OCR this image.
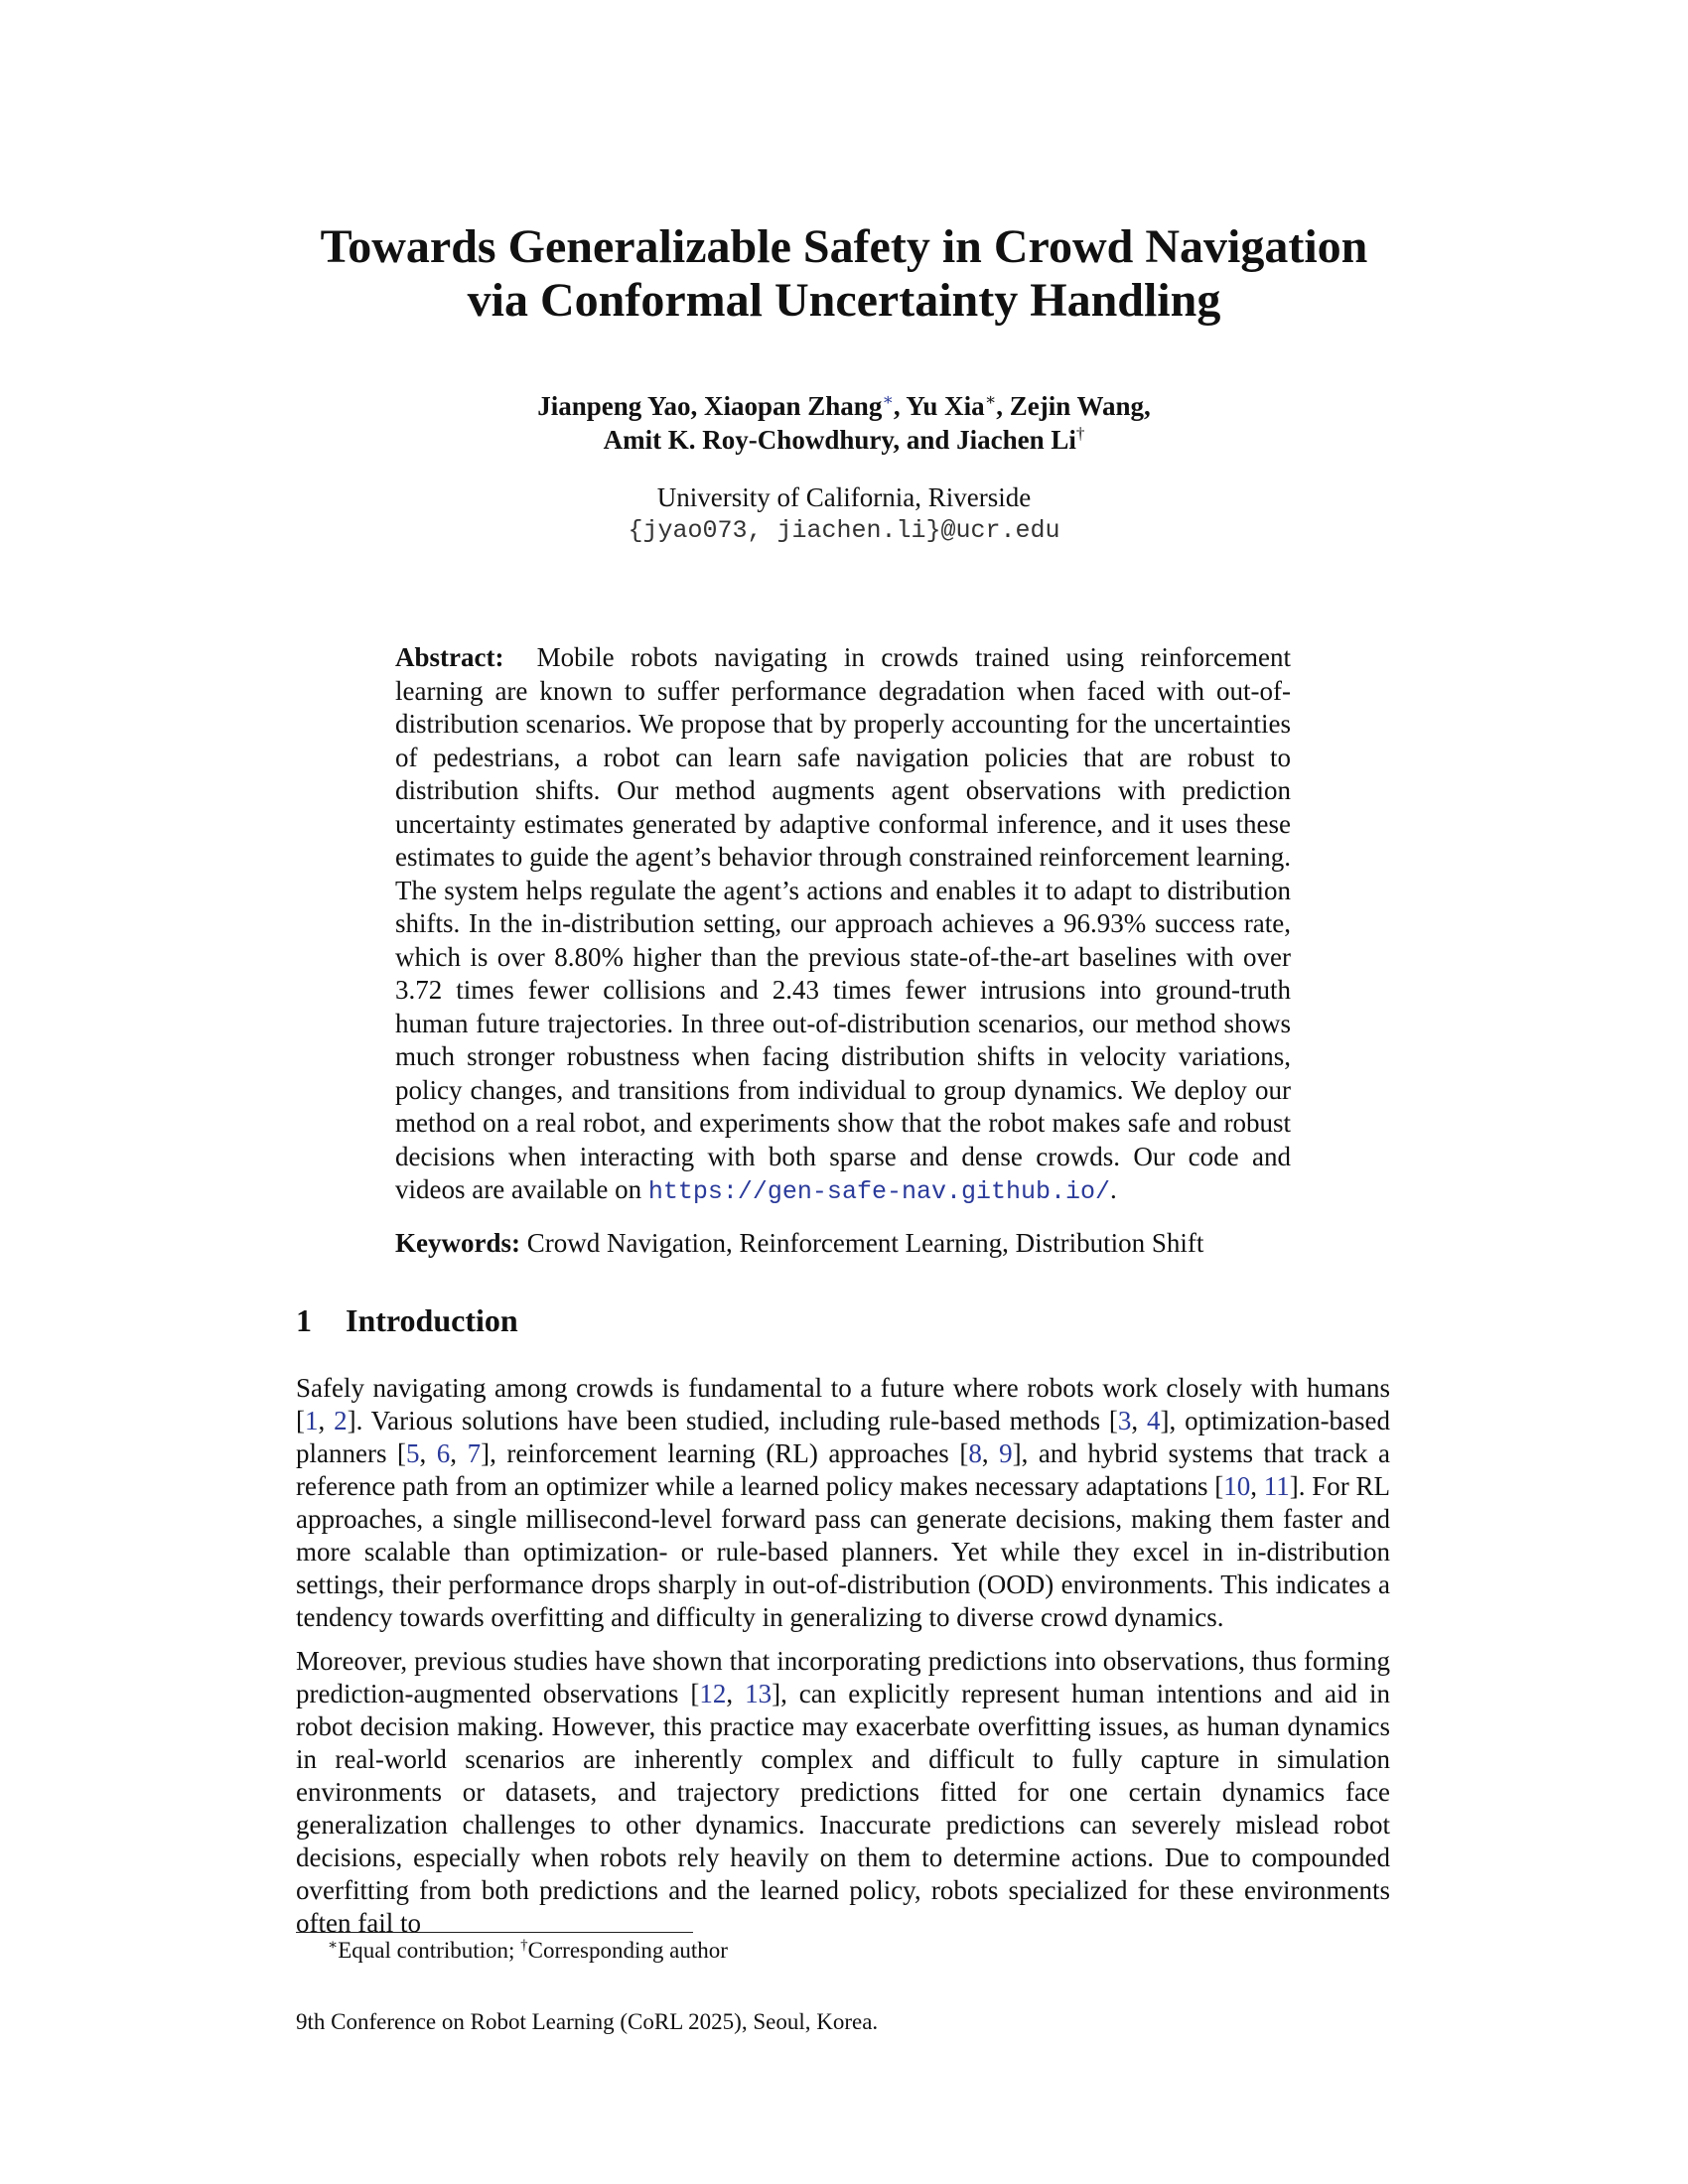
Towards Generalizable Safety in Crowd Navigation
via Conformal Uncertainty Handling
Jianpeng Yao, Xiaopan Zhang∗, Yu Xia∗, Zejin Wang,
Amit K. Roy-Chowdhury, and Jiachen Li†
University of California, Riverside
{jyao073, jiachen.li}@ucr.edu
Abstract: Mobile robots navigating in crowds trained using reinforcement learning are known to suffer performance degradation when faced with out-of-distribution scenarios. We propose that by properly accounting for the uncertainties of pedestrians, a robot can learn safe navigation policies that are robust to distribution shifts. Our method augments agent observations with prediction uncertainty estimates generated by adaptive conformal inference, and it uses these estimates to guide the agent’s behavior through constrained reinforcement learning. The system helps regulate the agent’s actions and enables it to adapt to distribution shifts. In the in-distribution setting, our approach achieves a 96.93% success rate, which is over 8.80% higher than the previous state-of-the-art baselines with over 3.72 times fewer collisions and 2.43 times fewer intrusions into ground-truth human future trajectories. In three out-of-distribution scenarios, our method shows much stronger robustness when facing distribution shifts in velocity variations, policy changes, and transitions from individual to group dynamics. We deploy our method on a real robot, and experiments show that the robot makes safe and robust decisions when interacting with both sparse and dense crowds. Our code and videos are available on https://gen-safe-nav.github.io/.
Keywords: Crowd Navigation, Reinforcement Learning, Distribution Shift
1 Introduction

Safely navigating among crowds is fundamental to a future where robots work closely with humans [1, 2]. Various solutions have been studied, including rule-based methods [3, 4], optimization-based planners [5, 6, 7], reinforcement learning (RL) approaches [8, 9], and hybrid systems that track a reference path from an optimizer while a learned policy makes necessary adaptations [10, 11]. For RL approaches, a single millisecond-level forward pass can generate decisions, making them faster and more scalable than optimization- or rule-based planners. Yet while they excel in in-distribution settings, their performance drops sharply in out-of-distribution (OOD) environments. This indicates a tendency towards overfitting and difficulty in generalizing to diverse crowd dynamics.

Moreover, previous studies have shown that incorporating predictions into observations, thus forming prediction-augmented observations [12, 13], can explicitly represent human intentions and aid in robot decision making. However, this practice may exacerbate overfitting issues, as human dynamics in real-world scenarios are inherently complex and difficult to fully capture in simulation environments or datasets, and trajectory predictions fitted for one certain dynamics face generalization challenges to other dynamics. Inaccurate predictions can severely mislead robot decisions, especially when robots rely heavily on them to determine actions. Due to compounded overfitting from both predictions and the learned policy, robots specialized for these environments often fail to

∗Equal contribution; †Corresponding author
9th Conference on Robot Learning (CoRL 2025), Seoul, Korea.
